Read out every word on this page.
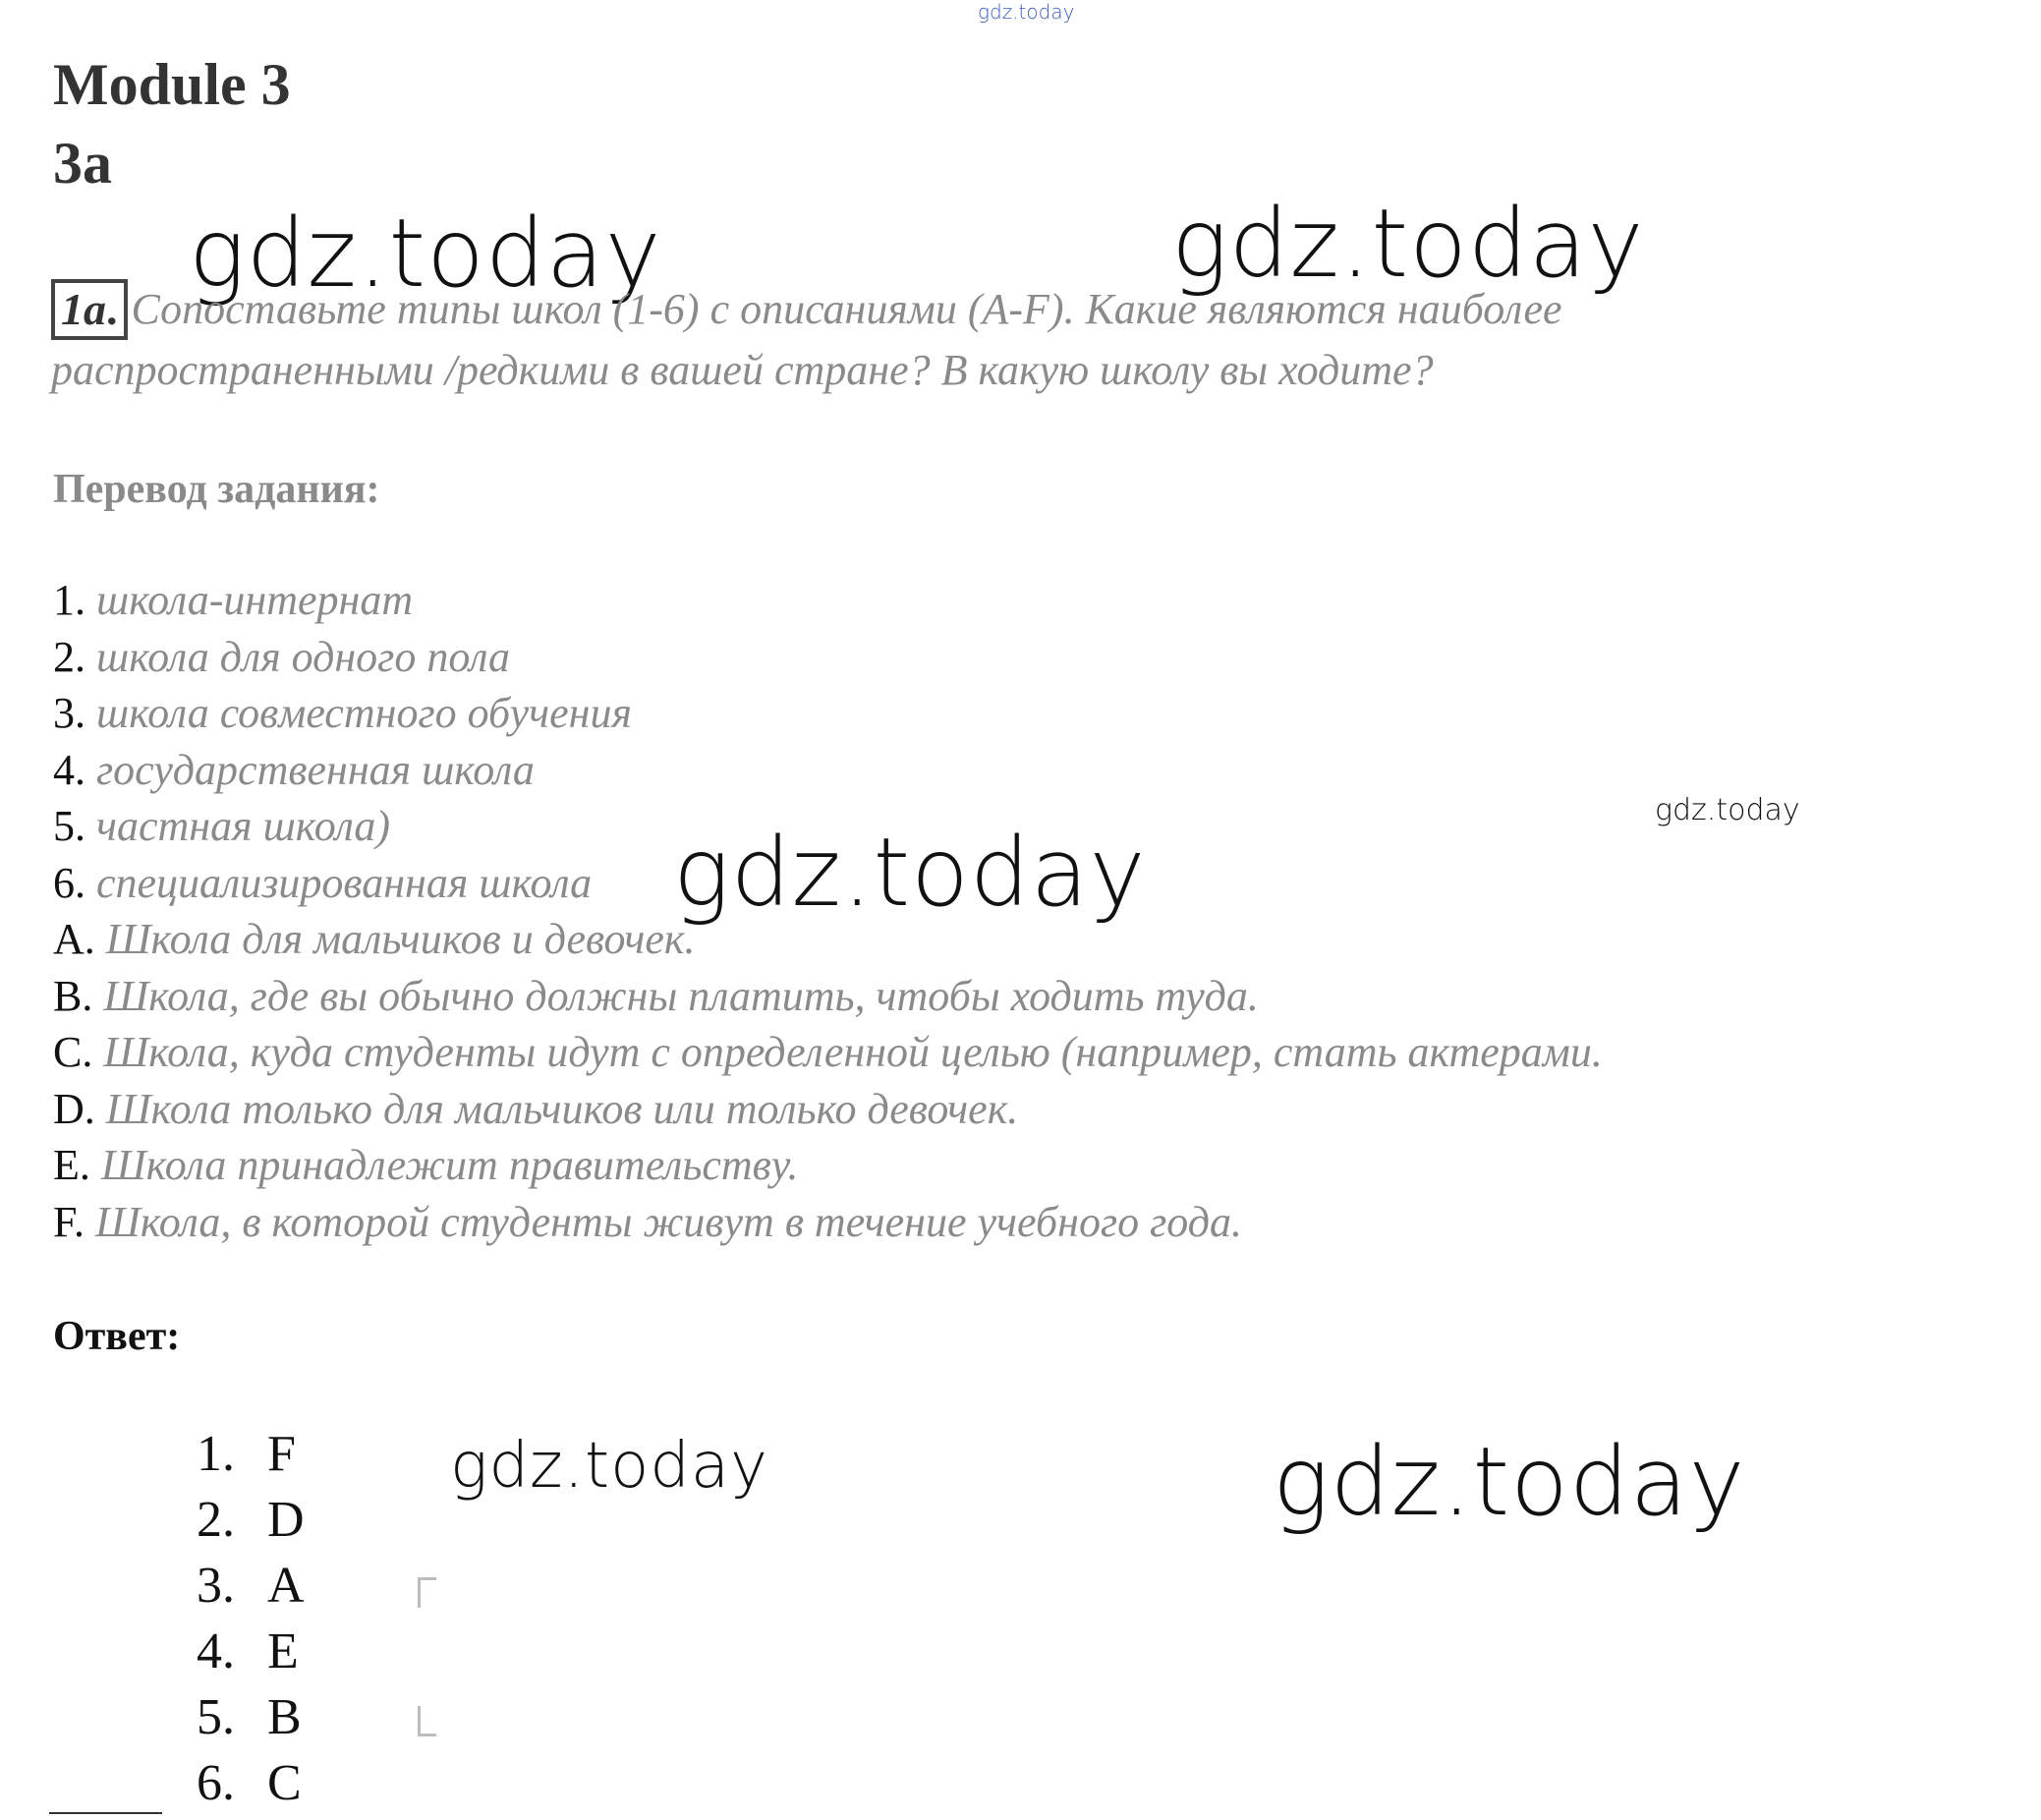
gdz.today
gdz.today	gdz.today
gdz.today
gdz.today
gdz.today	gdz.today
Module 3
3a
1a. Сопоставьте типы школ (1-6) с описаниями (A-F). Какие являются наиболее распространенными /редкими в вашей стране? В какую школу вы ходите?
Перевод задания:
1. школа-интернат
2. школа для одного пола
3. школа совместного обучения
4. государственная школа
5. частная школа)
6. специализированная школа
A. Школа для мальчиков и девочек.
B. Школа, где вы обычно должны платить, чтобы ходить туда.
C. Школа, куда студенты идут с определенной целью (например, стать актерами.
D. Школа только для мальчиков или только девочек.
E. Школа принадлежит правительству.
F. Школа, в которой студенты живут в течение учебного года.
Ответ:
1. F
2. D
3. A
4. E
5. B
6. C
